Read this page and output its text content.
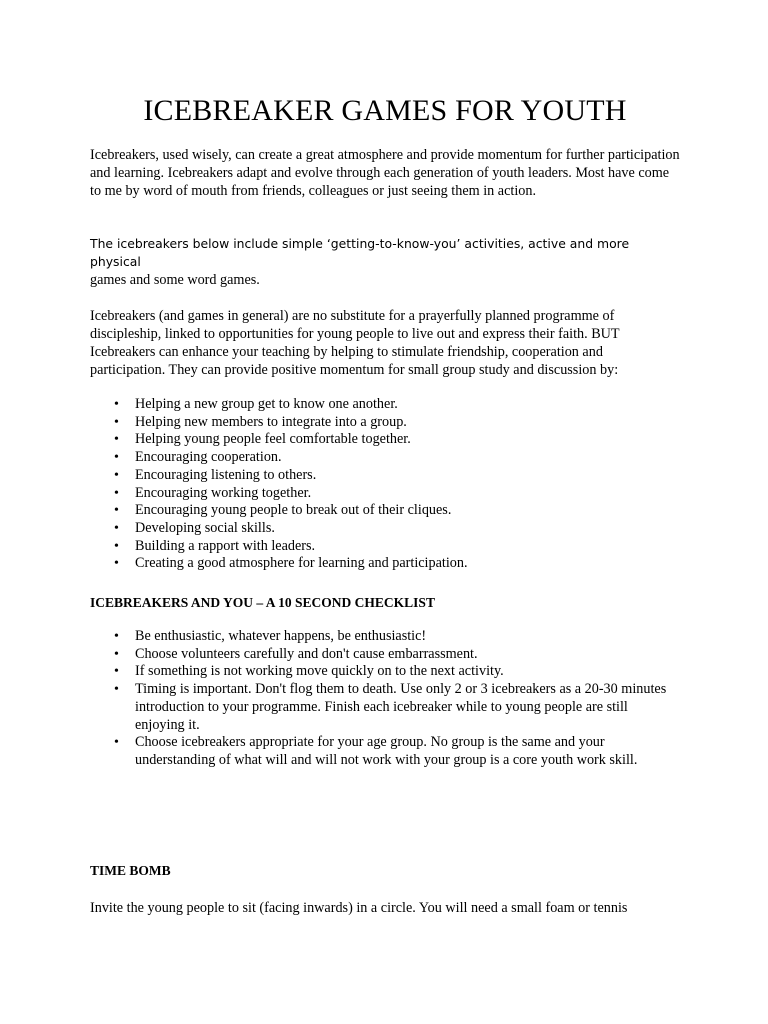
ICEBREAKER GAMES FOR YOUTH

Icebreakers, used wisely, can create a great atmosphere and provide momentum for further participation and learning. Icebreakers adapt and evolve through each generation of youth leaders. Most have come to me by word of mouth from friends, colleagues or just seeing them in action.

The icebreakers below include simple ‘getting-to-know-you’ activities, active and more physical
games and some word games.

Icebreakers (and games in general) are no substitute for a prayerfully planned programme of discipleship, linked to opportunities for young people to live out and express their faith. BUT Icebreakers can enhance your teaching by helping to stimulate friendship, cooperation and participation. They can provide positive momentum for small group study and discussion by:

• Helping a new group get to know one another.
• Helping new members to integrate into a group.
• Helping young people feel comfortable together.
• Encouraging cooperation.
• Encouraging listening to others.
• Encouraging working together.
• Encouraging young people to break out of their cliques.
• Developing social skills.
• Building a rapport with leaders.
• Creating a good atmosphere for learning and participation.
ICEBREAKERS AND YOU – A 10 SECOND CHECKLIST
• Be enthusiastic, whatever happens, be enthusiastic!
• Choose volunteers carefully and don't cause embarrassment.
• If something is not working move quickly on to the next activity.
• Timing is important. Don't flog them to death. Use only 2 or 3 icebreakers as a 20-30 minutes introduction to your programme. Finish each icebreaker while to young people are still enjoying it.
• Choose icebreakers appropriate for your age group. No group is the same and your understanding of what will and will not work with your group is a core youth work skill.
TIME BOMB

Invite the young people to sit (facing inwards) in a circle. You will need a small foam or tennis
